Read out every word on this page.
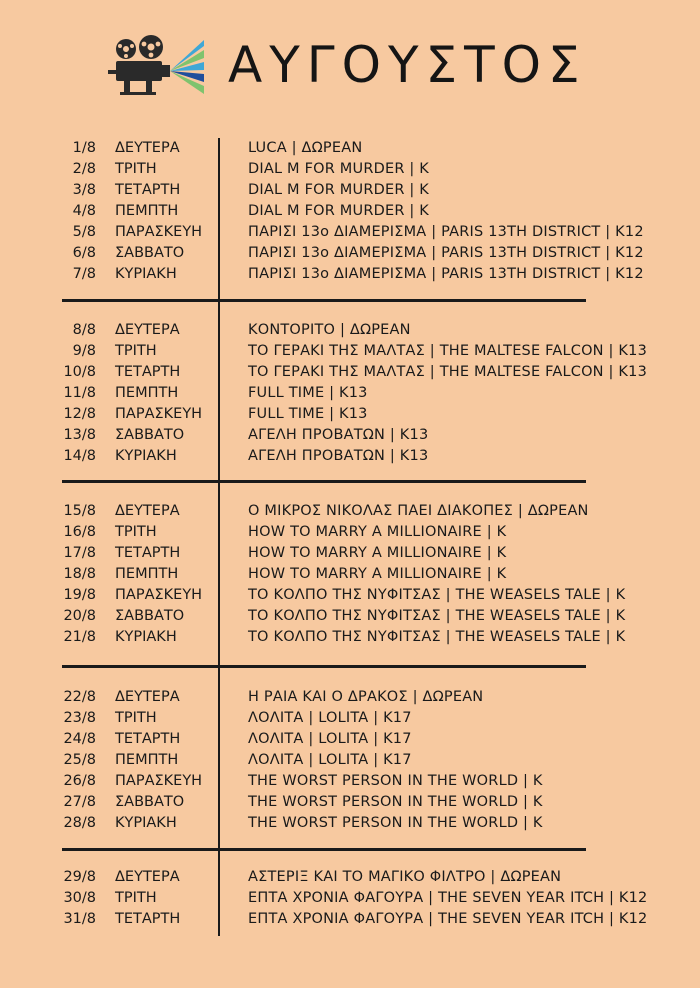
ΑΥΓΟΥΣΤΟΣ
1/8 ΔΕΥΤΕΡΑ	LUCA | ΔΩΡΕΑΝ
2/8 ΤΡΙΤΗ	DIAL M FOR MURDER | K
3/8 ΤΕΤΑΡΤΗ	DIAL M FOR MURDER | K
4/8 ΠΕΜΠΤΗ	DIAL M FOR MURDER | K
5/8 ΠΑΡΑΣΚΕΥΗ	ΠΑΡΙΣΙ 13ο ΔΙΑΜΕΡΙΣΜΑ | PARIS 13TH DISTRICT | K12
6/8 ΣΑΒΒΑΤΟ	ΠΑΡΙΣΙ 13ο ΔΙΑΜΕΡΙΣΜΑ | PARIS 13TH DISTRICT | K12
7/8 ΚΥΡΙΑΚΗ	ΠΑΡΙΣΙ 13ο ΔΙΑΜΕΡΙΣΜΑ | PARIS 13TH DISTRICT | K12
8/8 ΔΕΥΤΕΡΑ	ΚΟΝΤΟΡΙΤΟ | ΔΩΡΕΑΝ
9/8 ΤΡΙΤΗ	ΤΟ ΓΕΡΑΚΙ ΤΗΣ ΜΑΛΤΑΣ | THE MALTESE FALCON | K13
10/8 ΤΕΤΑΡΤΗ	ΤΟ ΓΕΡΑΚΙ ΤΗΣ ΜΑΛΤΑΣ | THE MALTESE FALCON | K13
11/8 ΠΕΜΠΤΗ	FULL TIME | K13
12/8 ΠΑΡΑΣΚΕΥΗ	FULL TIME | K13
13/8 ΣΑΒΒΑΤΟ	ΑΓΕΛΗ ΠΡΟΒΑΤΩΝ | K13
14/8 ΚΥΡΙΑΚΗ	ΑΓΕΛΗ ΠΡΟΒΑΤΩΝ | K13
15/8 ΔΕΥΤΕΡΑ	Ο ΜΙΚΡΟΣ ΝΙΚΟΛΑΣ ΠΑΕΙ ΔΙΑΚΟΠΕΣ | ΔΩΡΕΑΝ
16/8 ΤΡΙΤΗ	HOW TO MARRY A MILLIONAIRE | K
17/8 ΤΕΤΑΡΤΗ	HOW TO MARRY A MILLIONAIRE | K
18/8 ΠΕΜΠΤΗ	HOW TO MARRY A MILLIONAIRE | K
19/8 ΠΑΡΑΣΚΕΥΗ	ΤΟ ΚΟΛΠΟ ΤΗΣ ΝΥΦΙΤΣΑΣ | THE WEASELS TALE | K
20/8 ΣΑΒΒΑΤΟ	ΤΟ ΚΟΛΠΟ ΤΗΣ ΝΥΦΙΤΣΑΣ | THE WEASELS TALE | K
21/8 ΚΥΡΙΑΚΗ	ΤΟ ΚΟΛΠΟ ΤΗΣ ΝΥΦΙΤΣΑΣ | THE WEASELS TALE | K
22/8 ΔΕΥΤΕΡΑ	Η ΡΑΙΑ ΚΑΙ Ο ΔΡΑΚΟΣ | ΔΩΡΕΑΝ
23/8 ΤΡΙΤΗ	ΛΟΛΙΤΑ | LOLITA | K17
24/8 ΤΕΤΑΡΤΗ	ΛΟΛΙΤΑ | LOLITA | K17
25/8 ΠΕΜΠΤΗ	ΛΟΛΙΤΑ | LOLITA | K17
26/8 ΠΑΡΑΣΚΕΥΗ	THE WORST PERSON IN THE WORLD | K
27/8 ΣΑΒΒΑΤΟ	THE WORST PERSON IN THE WORLD | K
28/8 ΚΥΡΙΑΚΗ	THE WORST PERSON IN THE WORLD | K
29/8 ΔΕΥΤΕΡΑ	ΑΣΤΕΡΙΞ ΚΑΙ ΤΟ ΜΑΓΙΚΟ ΦΙΛΤΡΟ | ΔΩΡΕΑΝ
30/8 ΤΡΙΤΗ	ΕΠΤΑ ΧΡΟΝΙΑ ΦΑΓΟΥΡΑ | THE SEVEN YEAR ITCH | K12
31/8 ΤΕΤΑΡΤΗ	ΕΠΤΑ ΧΡΟΝΙΑ ΦΑΓΟΥΡΑ | THE SEVEN YEAR ITCH | K12
